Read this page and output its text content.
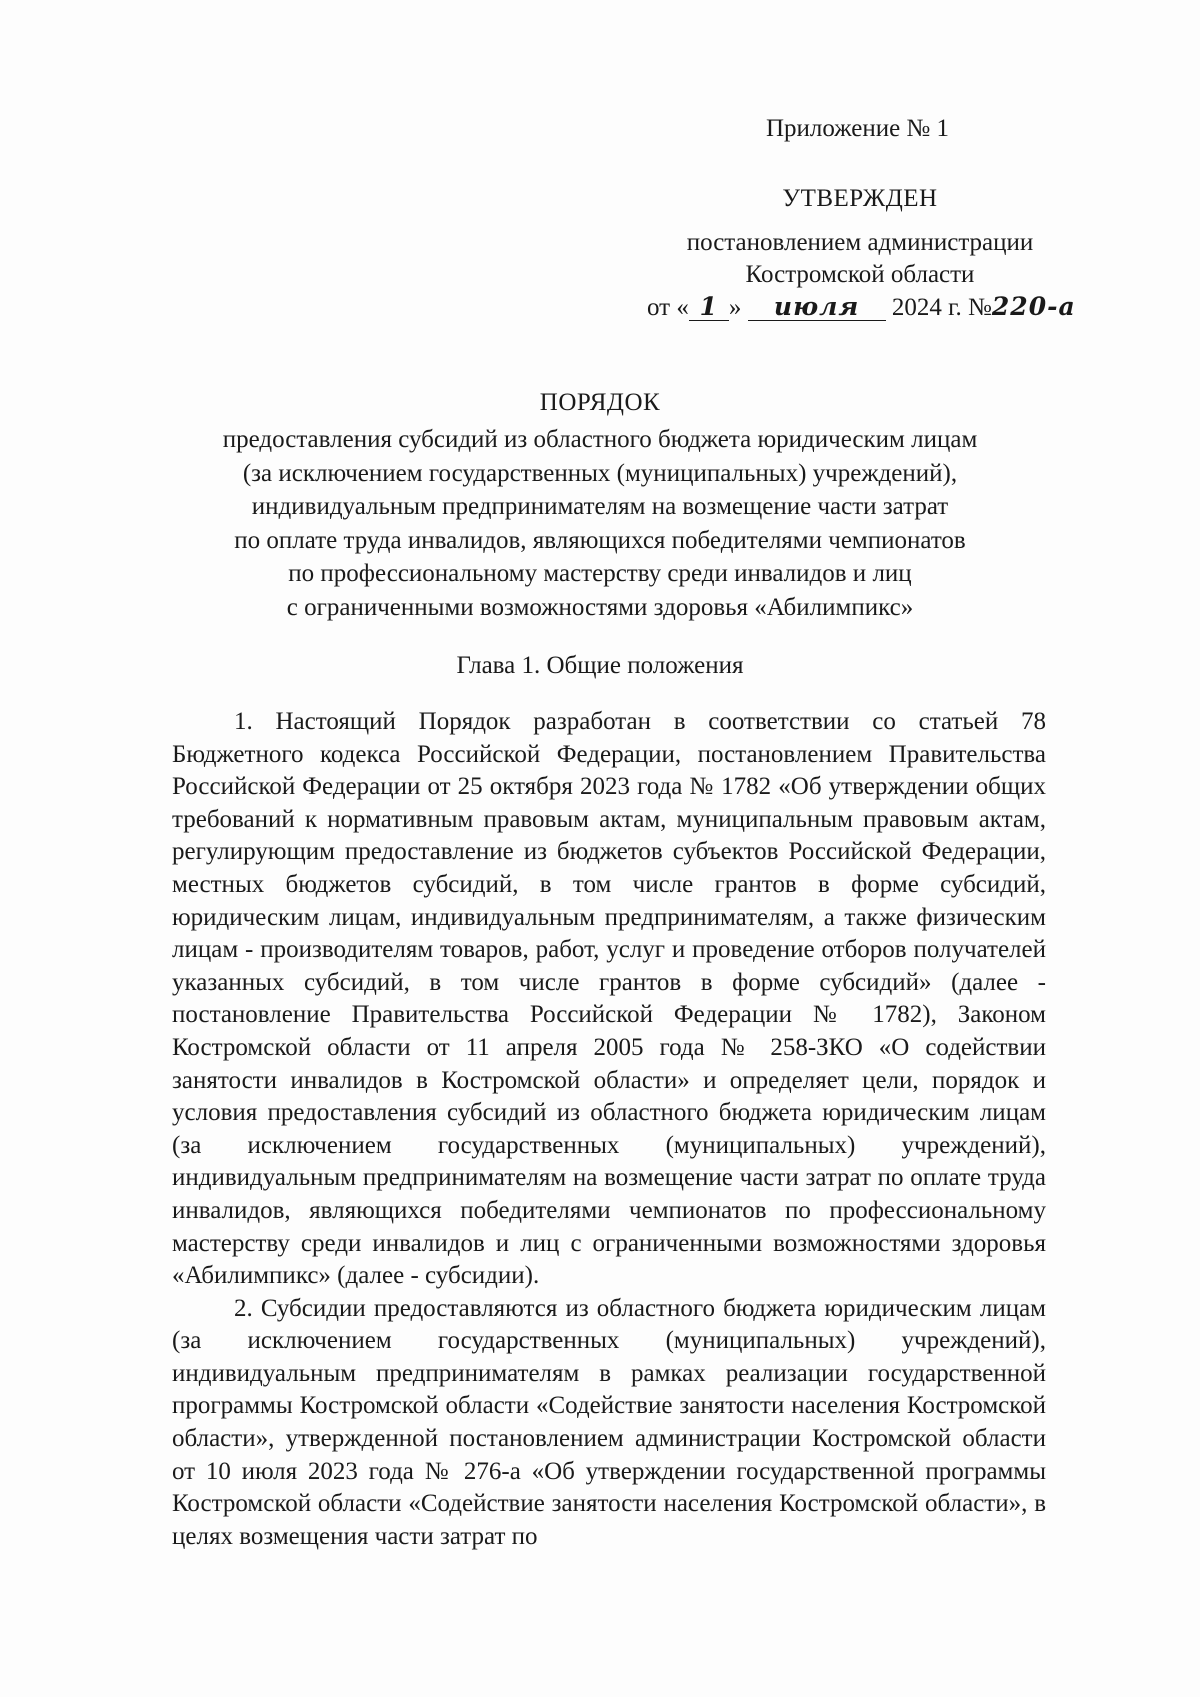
Приложение № 1
УТВЕРЖДЕН
постановлением администрации
Костромской области
от « 1 » июля 2024 г. №220-а
ПОРЯДОК
предоставления субсидий из областного бюджета юридическим лицам
(за исключением государственных (муниципальных) учреждений),
индивидуальным предпринимателям на возмещение части затрат
по оплате труда инвалидов, являющихся победителями чемпионатов
по профессиональному мастерству среди инвалидов и лиц
с ограниченными возможностями здоровья «Абилимпикс»
Глава 1. Общие положения

1. Настоящий Порядок разработан в соответствии со статьей 78 Бюджетного кодекса Российской Федерации, постановлением Правительства Российской Федерации от 25 октября 2023 года № 1782 «Об утверждении общих требований к нормативным правовым актам, муниципальным правовым актам, регулирующим предоставление из бюджетов субъектов Российской Федерации, местных бюджетов субсидий, в том числе грантов в форме субсидий, юридическим лицам, индивидуальным предпринимателям, а также физическим лицам - производителям товаров, работ, услуг и проведение отборов получателей указанных субсидий, в том числе грантов в форме субсидий» (далее - постановление Правительства Российской Федерации № 1782), Законом Костромской области от 11 апреля 2005 года № 258-ЗКО «О содействии занятости инвалидов в Костромской области» и определяет цели, порядок и условия предоставления субсидий из областного бюджета юридическим лицам (за исключением государственных (муниципальных) учреждений), индивидуальным предпринимателям на возмещение части затрат по оплате труда инвалидов, являющихся победителями чемпионатов по профессиональному мастерству среди инвалидов и лиц с ограниченными возможностями здоровья «Абилимпикс» (далее - субсидии).

2. Субсидии предоставляются из областного бюджета юридическим лицам (за исключением государственных (муниципальных) учреждений), индивидуальным предпринимателям в рамках реализации государственной программы Костромской области «Содействие занятости населения Костромской области», утвержденной постановлением администрации Костромской области от 10 июля 2023 года № 276-а «Об утверждении государственной программы Костромской области «Содействие занятости населения Костромской области», в целях возмещения части затрат по
